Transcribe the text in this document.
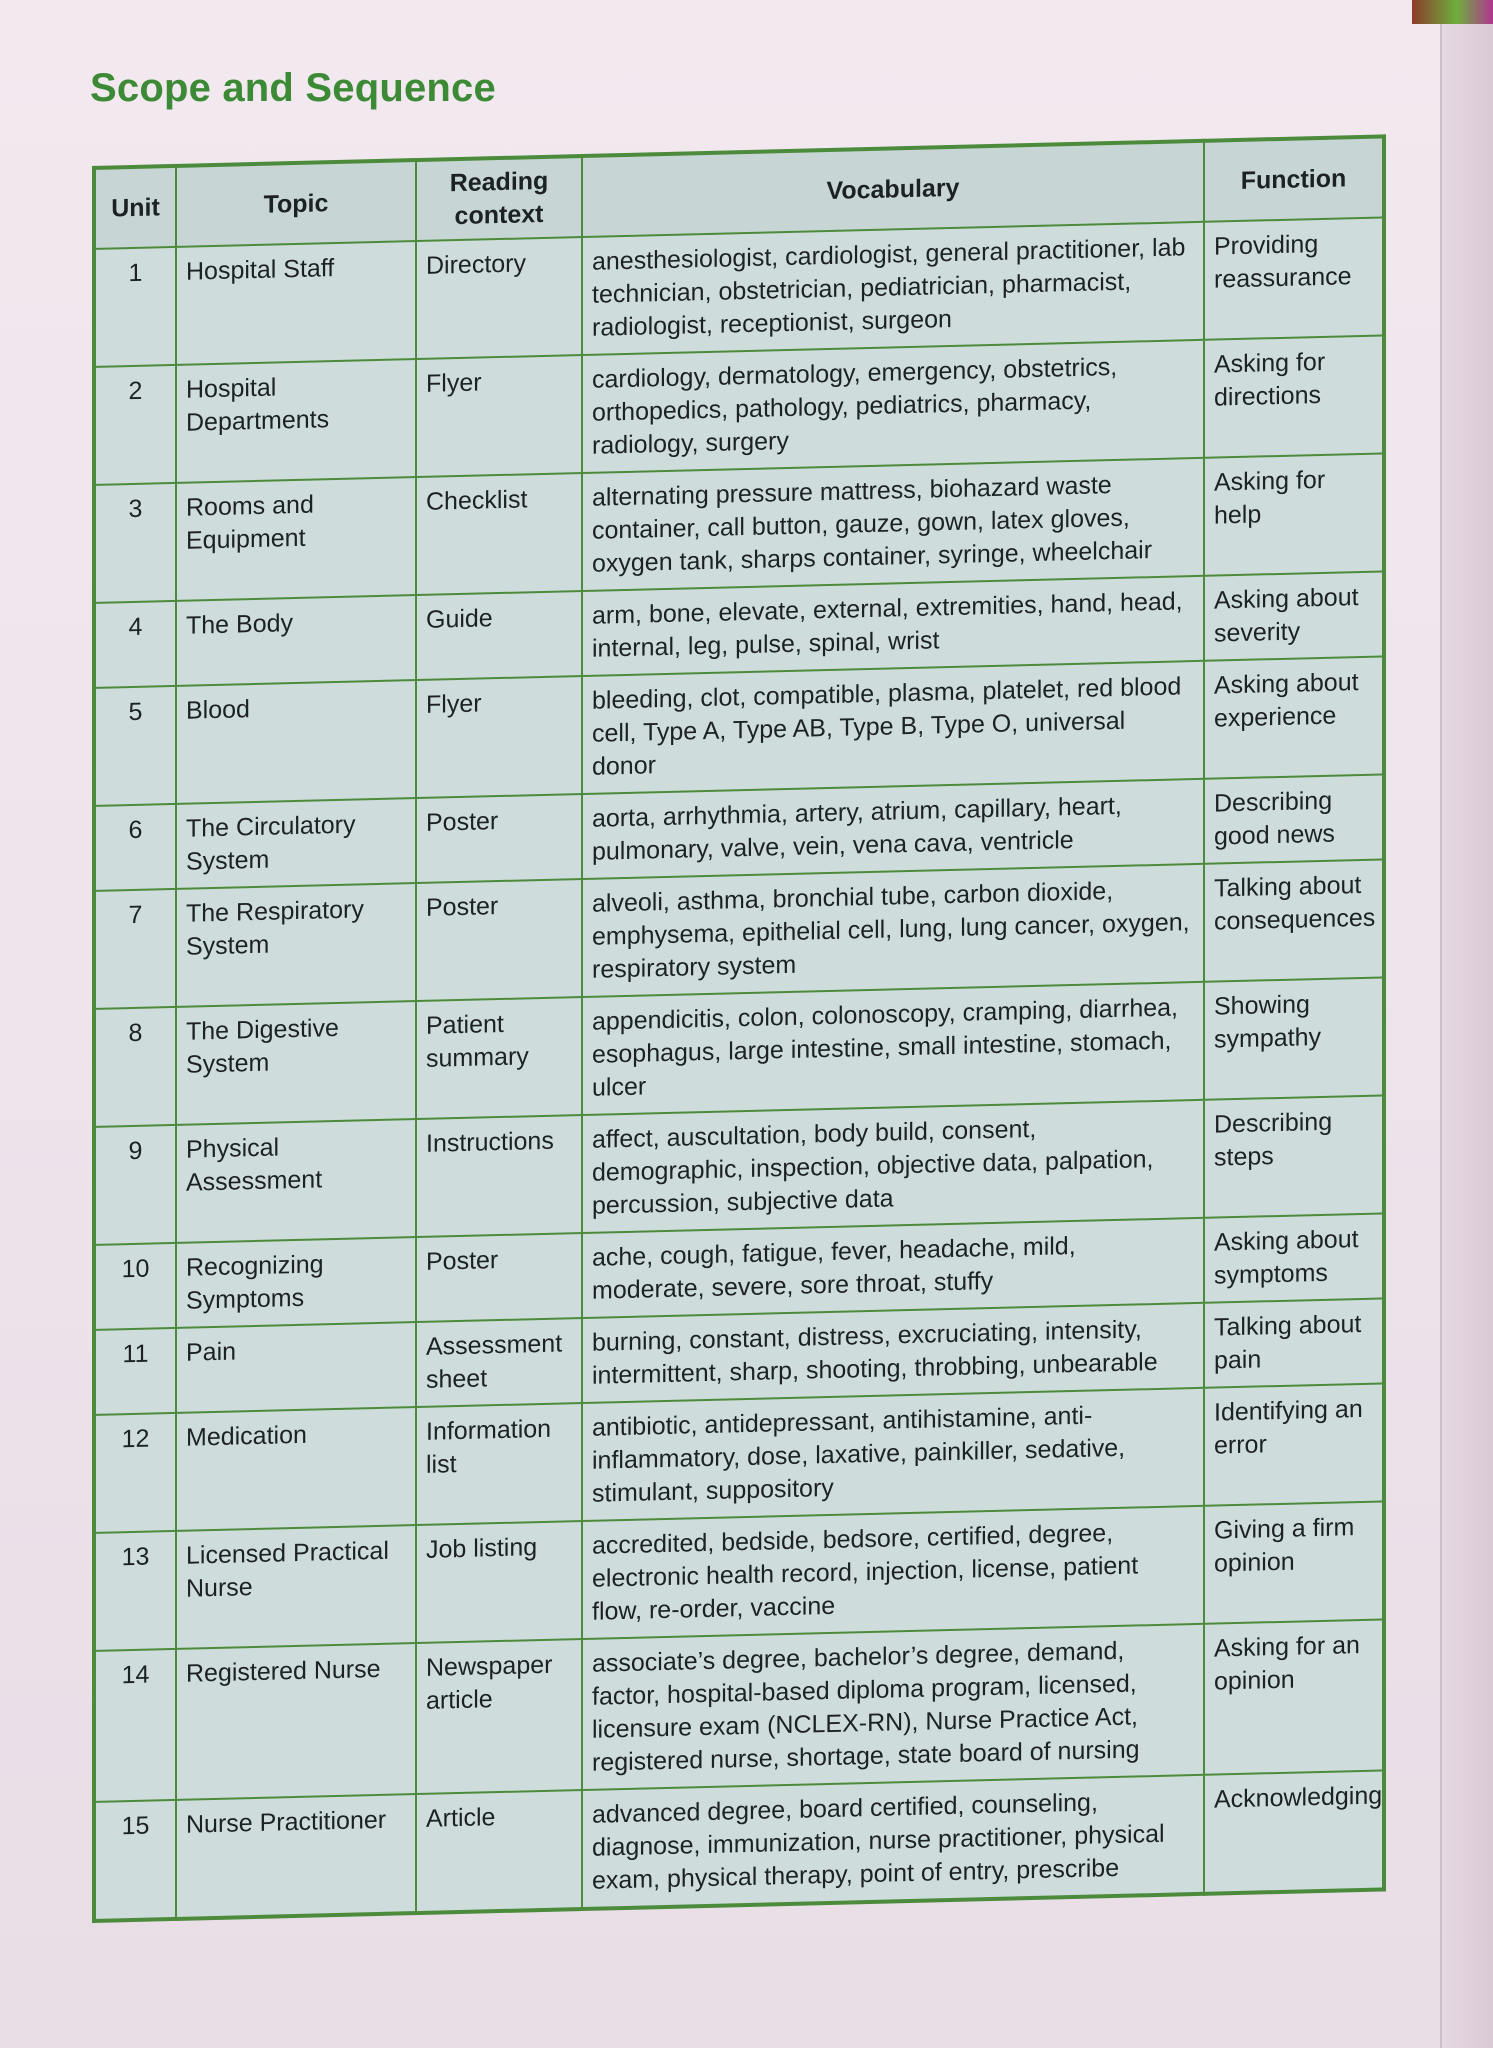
Scope and Sequence
Unit	Topic	Reading context	Vocabulary	Function
1	Hospital Staff	Directory	anesthesiologist, cardiologist, general practitioner, lab technician, obstetrician, pediatrician, pharmacist, radiologist, receptionist, surgeon	Providing reassurance
2	Hospital Departments	Flyer	cardiology, dermatology, emergency, obstetrics, orthopedics, pathology, pediatrics, pharmacy, radiology, surgery	Asking for directions
3	Rooms and Equipment	Checklist	alternating pressure mattress, biohazard waste container, call button, gauze, gown, latex gloves, oxygen tank, sharps container, syringe, wheelchair	Asking for help
4	The Body	Guide	arm, bone, elevate, external, extremities, hand, head, internal, leg, pulse, spinal, wrist	Asking about severity
5	Blood	Flyer	bleeding, clot, compatible, plasma, platelet, red blood cell, Type A, Type AB, Type B, Type O, universal donor	Asking about experience
6	The Circulatory System	Poster	aorta, arrhythmia, artery, atrium, capillary, heart, pulmonary, valve, vein, vena cava, ventricle	Describing good news
7	The Respiratory System	Poster	alveoli, asthma, bronchial tube, carbon dioxide, emphysema, epithelial cell, lung, lung cancer, oxygen, respiratory system	Talking about consequences
8	The Digestive System	Patient summary	appendicitis, colon, colonoscopy, cramping, diarrhea, esophagus, large intestine, small intestine, stomach, ulcer	Showing sympathy
9	Physical Assessment	Instructions	affect, auscultation, body build, consent, demographic, inspection, objective data, palpation, percussion, subjective data	Describing steps
10	Recognizing Symptoms	Poster	ache, cough, fatigue, fever, headache, mild, moderate, severe, sore throat, stuffy	Asking about symptoms
11	Pain	Assessment sheet	burning, constant, distress, excruciating, intensity, intermittent, sharp, shooting, throbbing, unbearable	Talking about pain
12	Medication	Information list	antibiotic, antidepressant, antihistamine, anti-inflammatory, dose, laxative, painkiller, sedative, stimulant, suppository	Identifying an error
13	Licensed Practical Nurse	Job listing	accredited, bedside, bedsore, certified, degree, electronic health record, injection, license, patient flow, re-order, vaccine	Giving a firm opinion
14	Registered Nurse	Newspaper article	associate’s degree, bachelor’s degree, demand, factor, hospital-based diploma program, licensed, licensure exam (NCLEX-RN), Nurse Practice Act, registered nurse, shortage, state board of nursing	Asking for an opinion
15	Nurse Practitioner	Article	advanced degree, board certified, counseling, diagnose, immunization, nurse practitioner, physical exam, physical therapy, point of entry, prescribe	Acknowledging
